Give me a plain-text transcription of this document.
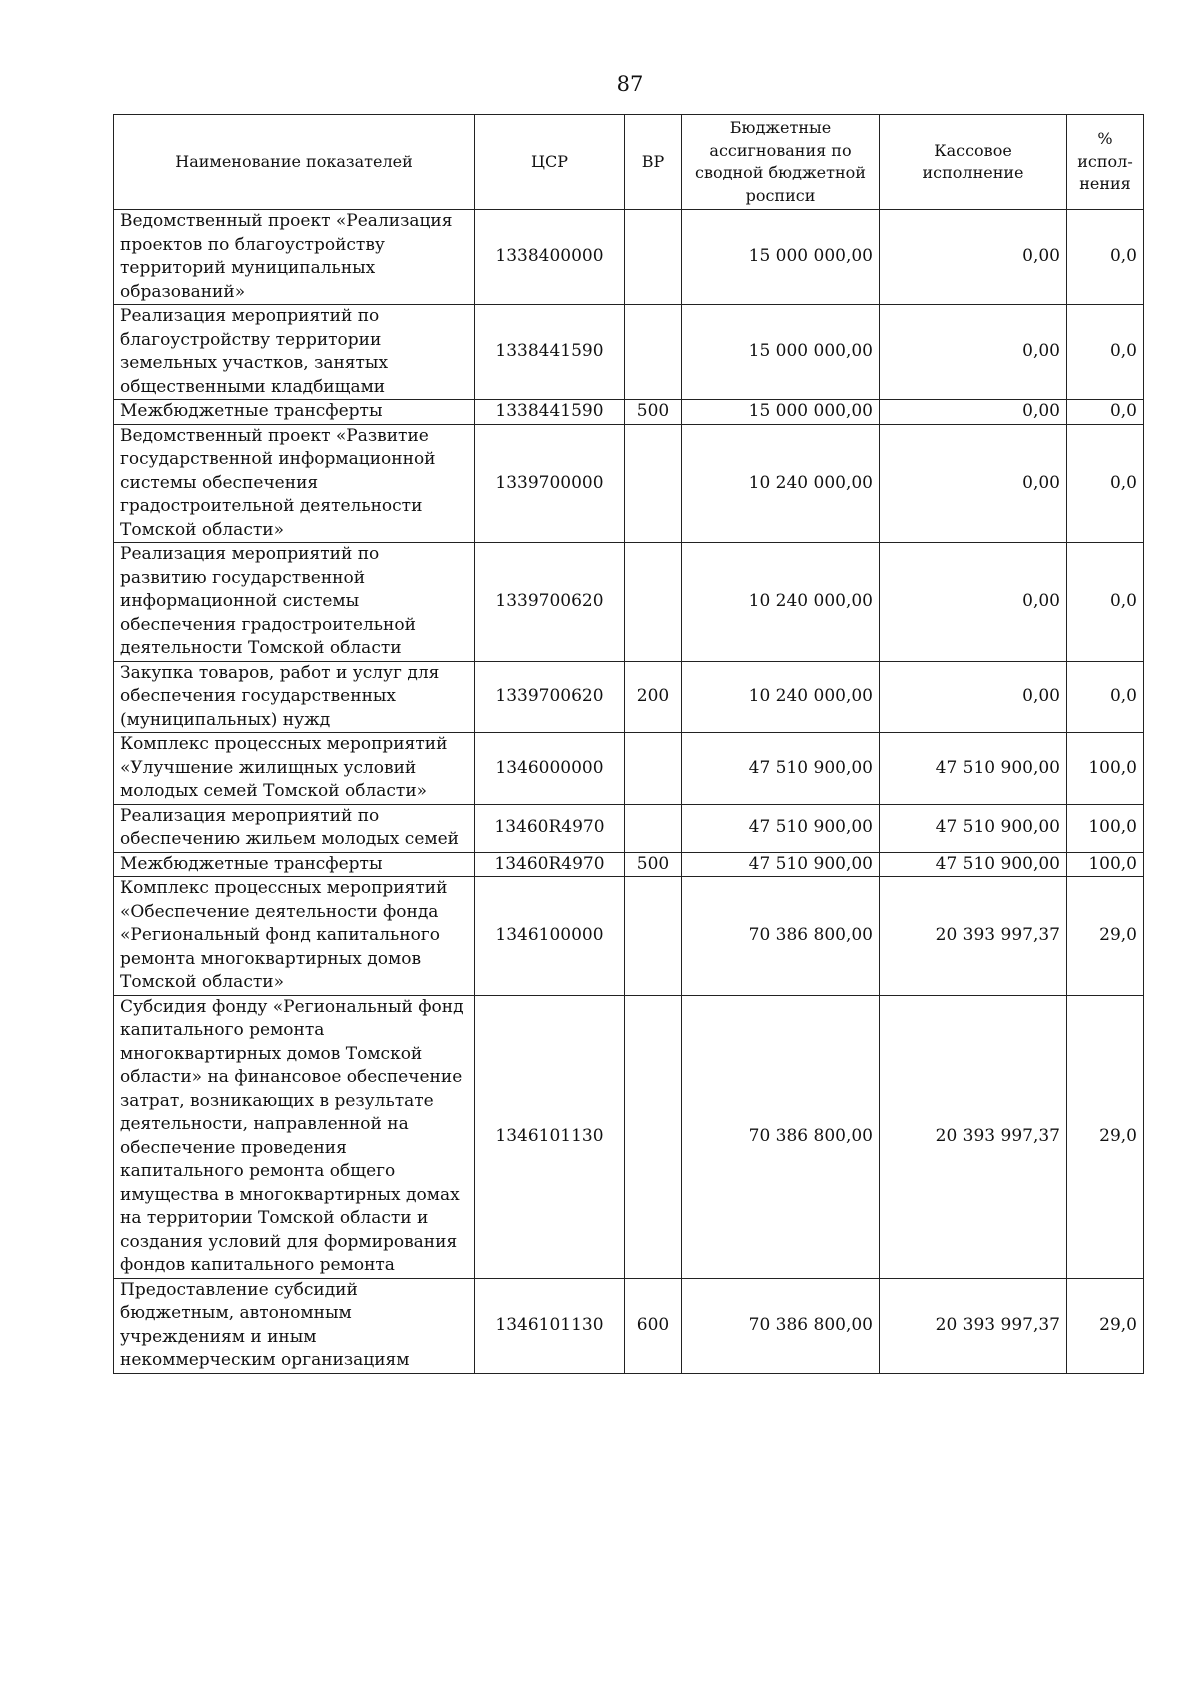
87
Наименование показателей	ЦСР	ВР	Бюджетные ассигнования по сводной бюджетной росписи	Кассовое исполнение	% испол-нения
Ведомственный проект «Реализация проектов по благоустройству территорий муниципальных образований»	1338400000		15 000 000,00	0,00	0,0
Реализация мероприятий по благоустройству территории земельных участков, занятых общественными кладбищами	1338441590		15 000 000,00	0,00	0,0
Межбюджетные трансферты	1338441590	500	15 000 000,00	0,00	0,0
Ведомственный проект «Развитие государственной информационной системы обеспечения градостроительной деятельности Томской области»	1339700000		10 240 000,00	0,00	0,0
Реализация мероприятий по развитию государственной информационной системы обеспечения градостроительной деятельности Томской области	1339700620		10 240 000,00	0,00	0,0
Закупка товаров, работ и услуг для обеспечения государственных (муниципальных) нужд	1339700620	200	10 240 000,00	0,00	0,0
Комплекс процессных мероприятий «Улучшение жилищных условий молодых семей Томской области»	1346000000		47 510 900,00	47 510 900,00	100,0
Реализация мероприятий по обеспечению жильем молодых семей	13460R4970		47 510 900,00	47 510 900,00	100,0
Межбюджетные трансферты	13460R4970	500	47 510 900,00	47 510 900,00	100,0
Комплекс процессных мероприятий «Обеспечение деятельности фонда «Региональный фонд капитального ремонта многоквартирных домов Томской области»	1346100000		70 386 800,00	20 393 997,37	29,0
Субсидия фонду «Региональный фонд капитального ремонта многоквартирных домов Томской области» на финансовое обеспечение затрат, возникающих в результате деятельности, направленной на обеспечение проведения капитального ремонта общего имущества в многоквартирных домах на территории Томской области и создания условий для формирования фондов капитального ремонта	1346101130		70 386 800,00	20 393 997,37	29,0
Предоставление субсидий бюджетным, автономным учреждениям и иным некоммерческим организациям	1346101130	600	70 386 800,00	20 393 997,37	29,0
